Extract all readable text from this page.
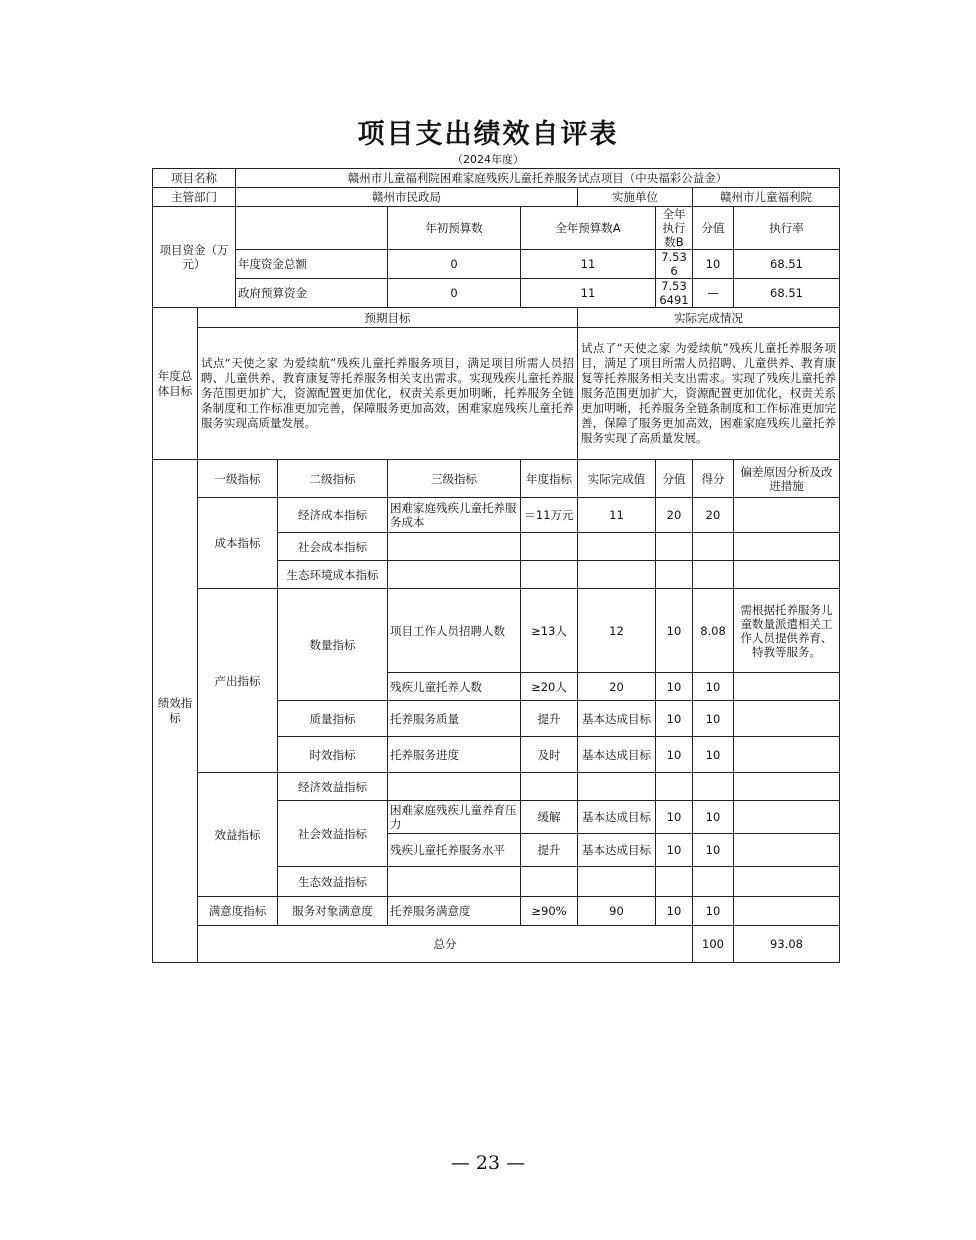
项目支出绩效自评表
（2024年度）
项目名称		赣州市儿童福利院困难家庭残疾儿童托养服务试点项目（中央福彩公益金）								
主管部门		赣州市民政局				实施单位		赣州市儿童福利院		
项目资金（万元）				年初预算数	全年预算数A		全年执行数B	分值	执行率	
		年度资金总额		0	11		7.536	10	68.51	
		政府预算资金		0	11		7.536491	—	68.51	
年度总体目标	预期目标					实际完成情况				
	试点“天使之家 为爱续航”残疾儿童托养服务项目，满足项目所需人员招聘、儿童供养、教育康复等托养服务相关支出需求。实现残疾儿童托养服务范围更加扩大，资源配置更加优化，权责关系更加明晰，托养服务全链条制度和工作标准更加完善，保障服务更加高效，困难家庭残疾儿童托养服务实现高质量发展。					试点了“天使之家 为爱续航”残疾儿童托养服务项目，满足了项目所需人员招聘、儿童供养、教育康复等托养服务相关支出需求。实现了残疾儿童托养服务范围更加扩大，资源配置更加优化，权责关系更加明晰，托养服务全链条制度和工作标准更加完善，保障了服务更加高效，困难家庭残疾儿童托养服务实现了高质量发展。				
绩效指标	一级指标		二级指标	三级指标	年度指标	实际完成值	分值	得分	偏差原因分析及改进措施	
	成本指标		经济成本指标	困难家庭残疾儿童托养服务成本	＝11万元	11	20	20		
			社会成本指标							
			生态环境成本指标							
	产出指标		数量指标	项目工作人员招聘人数	≥13人	12	10	8.08	需根据托养服务儿童数量派遣相关工作人员提供养育、特教等服务。	
				残疾儿童托养人数	≥20人	20	10	10		
			质量指标	托养服务质量	提升	基本达成目标	10	10		
			时效指标	托养服务进度	及时	基本达成目标	10	10		
	效益指标		经济效益指标							
			社会效益指标	困难家庭残疾儿童养育压力	缓解	基本达成目标	10	10		
				残疾儿童托养服务水平	提升	基本达成目标	10	10		
			生态效益指标							
	满意度指标		服务对象满意度	托养服务满意度	≥90%	90	10	10		
	总分							100	93.08	
— 23 —
